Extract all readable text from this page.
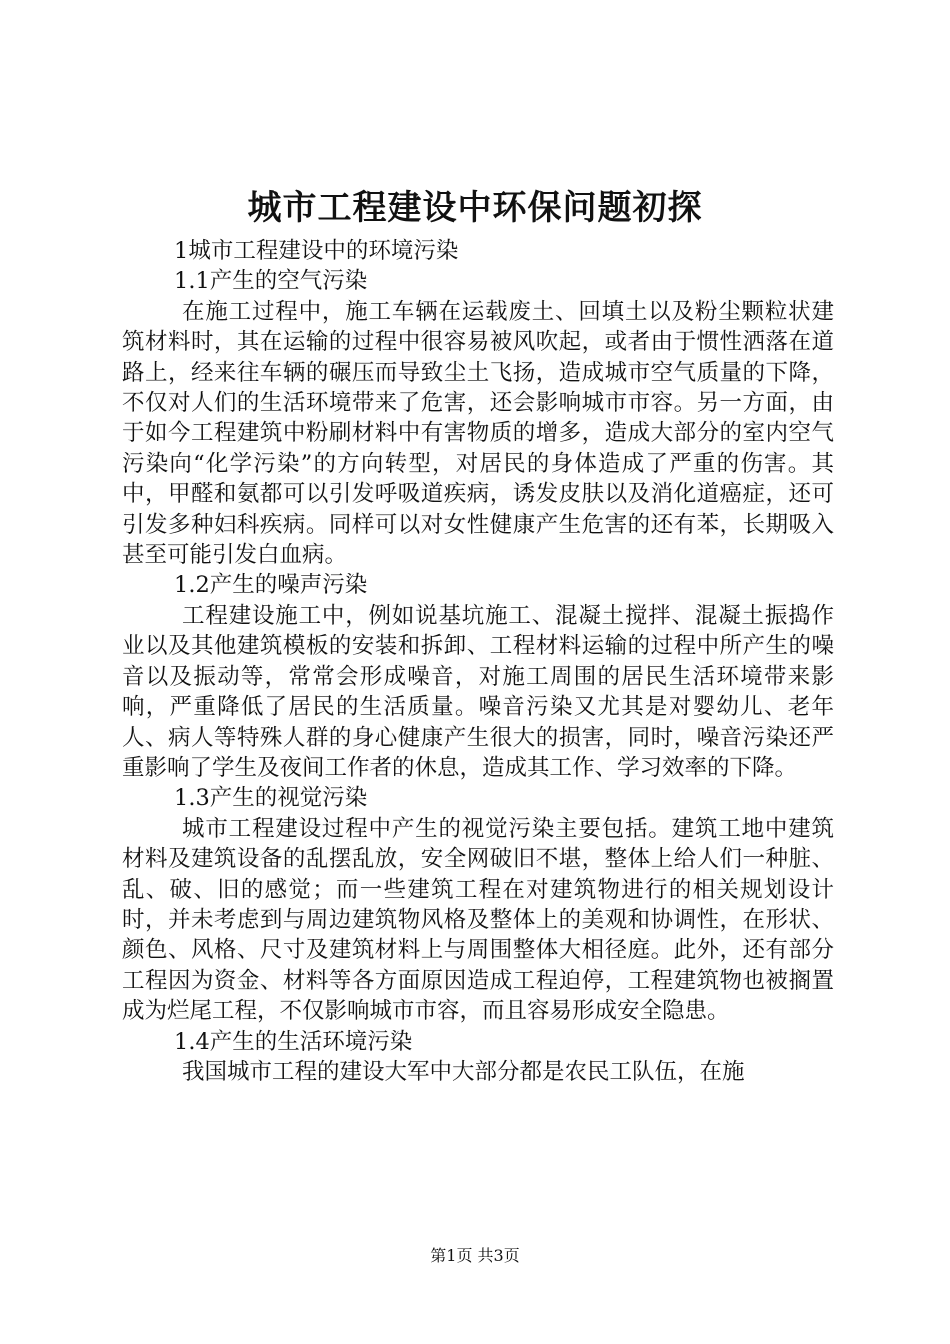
城市工程建设中环保问题初探
1城市工程建设中的环境污染
1.1产生的空气污染

在施工过程中，施工车辆在运载废土、回填土以及粉尘颗粒状建筑材料时，其在运输的过程中很容易被风吹起，或者由于惯性洒落在道路上，经来往车辆的碾压而导致尘土飞扬，造成城市空气质量的下降，不仅对人们的生活环境带来了危害，还会影响城市市容。另一方面，由于如今工程建筑中粉刷材料中有害物质的增多，造成大部分的室内空气污染向“化学污染”的方向转型，对居民的身体造成了严重的伤害。其中，甲醛和氨都可以引发呼吸道疾病，诱发皮肤以及消化道癌症，还可引发多种妇科疾病。同样可以对女性健康产生危害的还有苯，长期吸入甚至可能引发白血病。

1.2产生的噪声污染

工程建设施工中，例如说基坑施工、混凝土搅拌、混凝土振捣作业以及其他建筑模板的安装和拆卸、工程材料运输的过程中所产生的噪音以及振动等，常常会形成噪音，对施工周围的居民生活环境带来影响，严重降低了居民的生活质量。噪音污染又尤其是对婴幼儿、老年人、病人等特殊人群的身心健康产生很大的损害，同时，噪音污染还严重影响了学生及夜间工作者的休息，造成其工作、学习效率的下降。

1.3产生的视觉污染

城市工程建设过程中产生的视觉污染主要包括。建筑工地中建筑材料及建筑设备的乱摆乱放，安全网破旧不堪，整体上给人们一种脏、乱、破、旧的感觉；而一些建筑工程在对建筑物进行的相关规划设计时，并未考虑到与周边建筑物风格及整体上的美观和协调性，在形状、颜色、风格、尺寸及建筑材料上与周围整体大相径庭。此外，还有部分工程因为资金、材料等各方面原因造成工程迫停，工程建筑物也被搁置成为烂尾工程，不仅影响城市市容，而且容易形成安全隐患。

1.4产生的生活环境污染

我国城市工程的建设大军中大部分都是农民工队伍，在施

第1页 共3页
